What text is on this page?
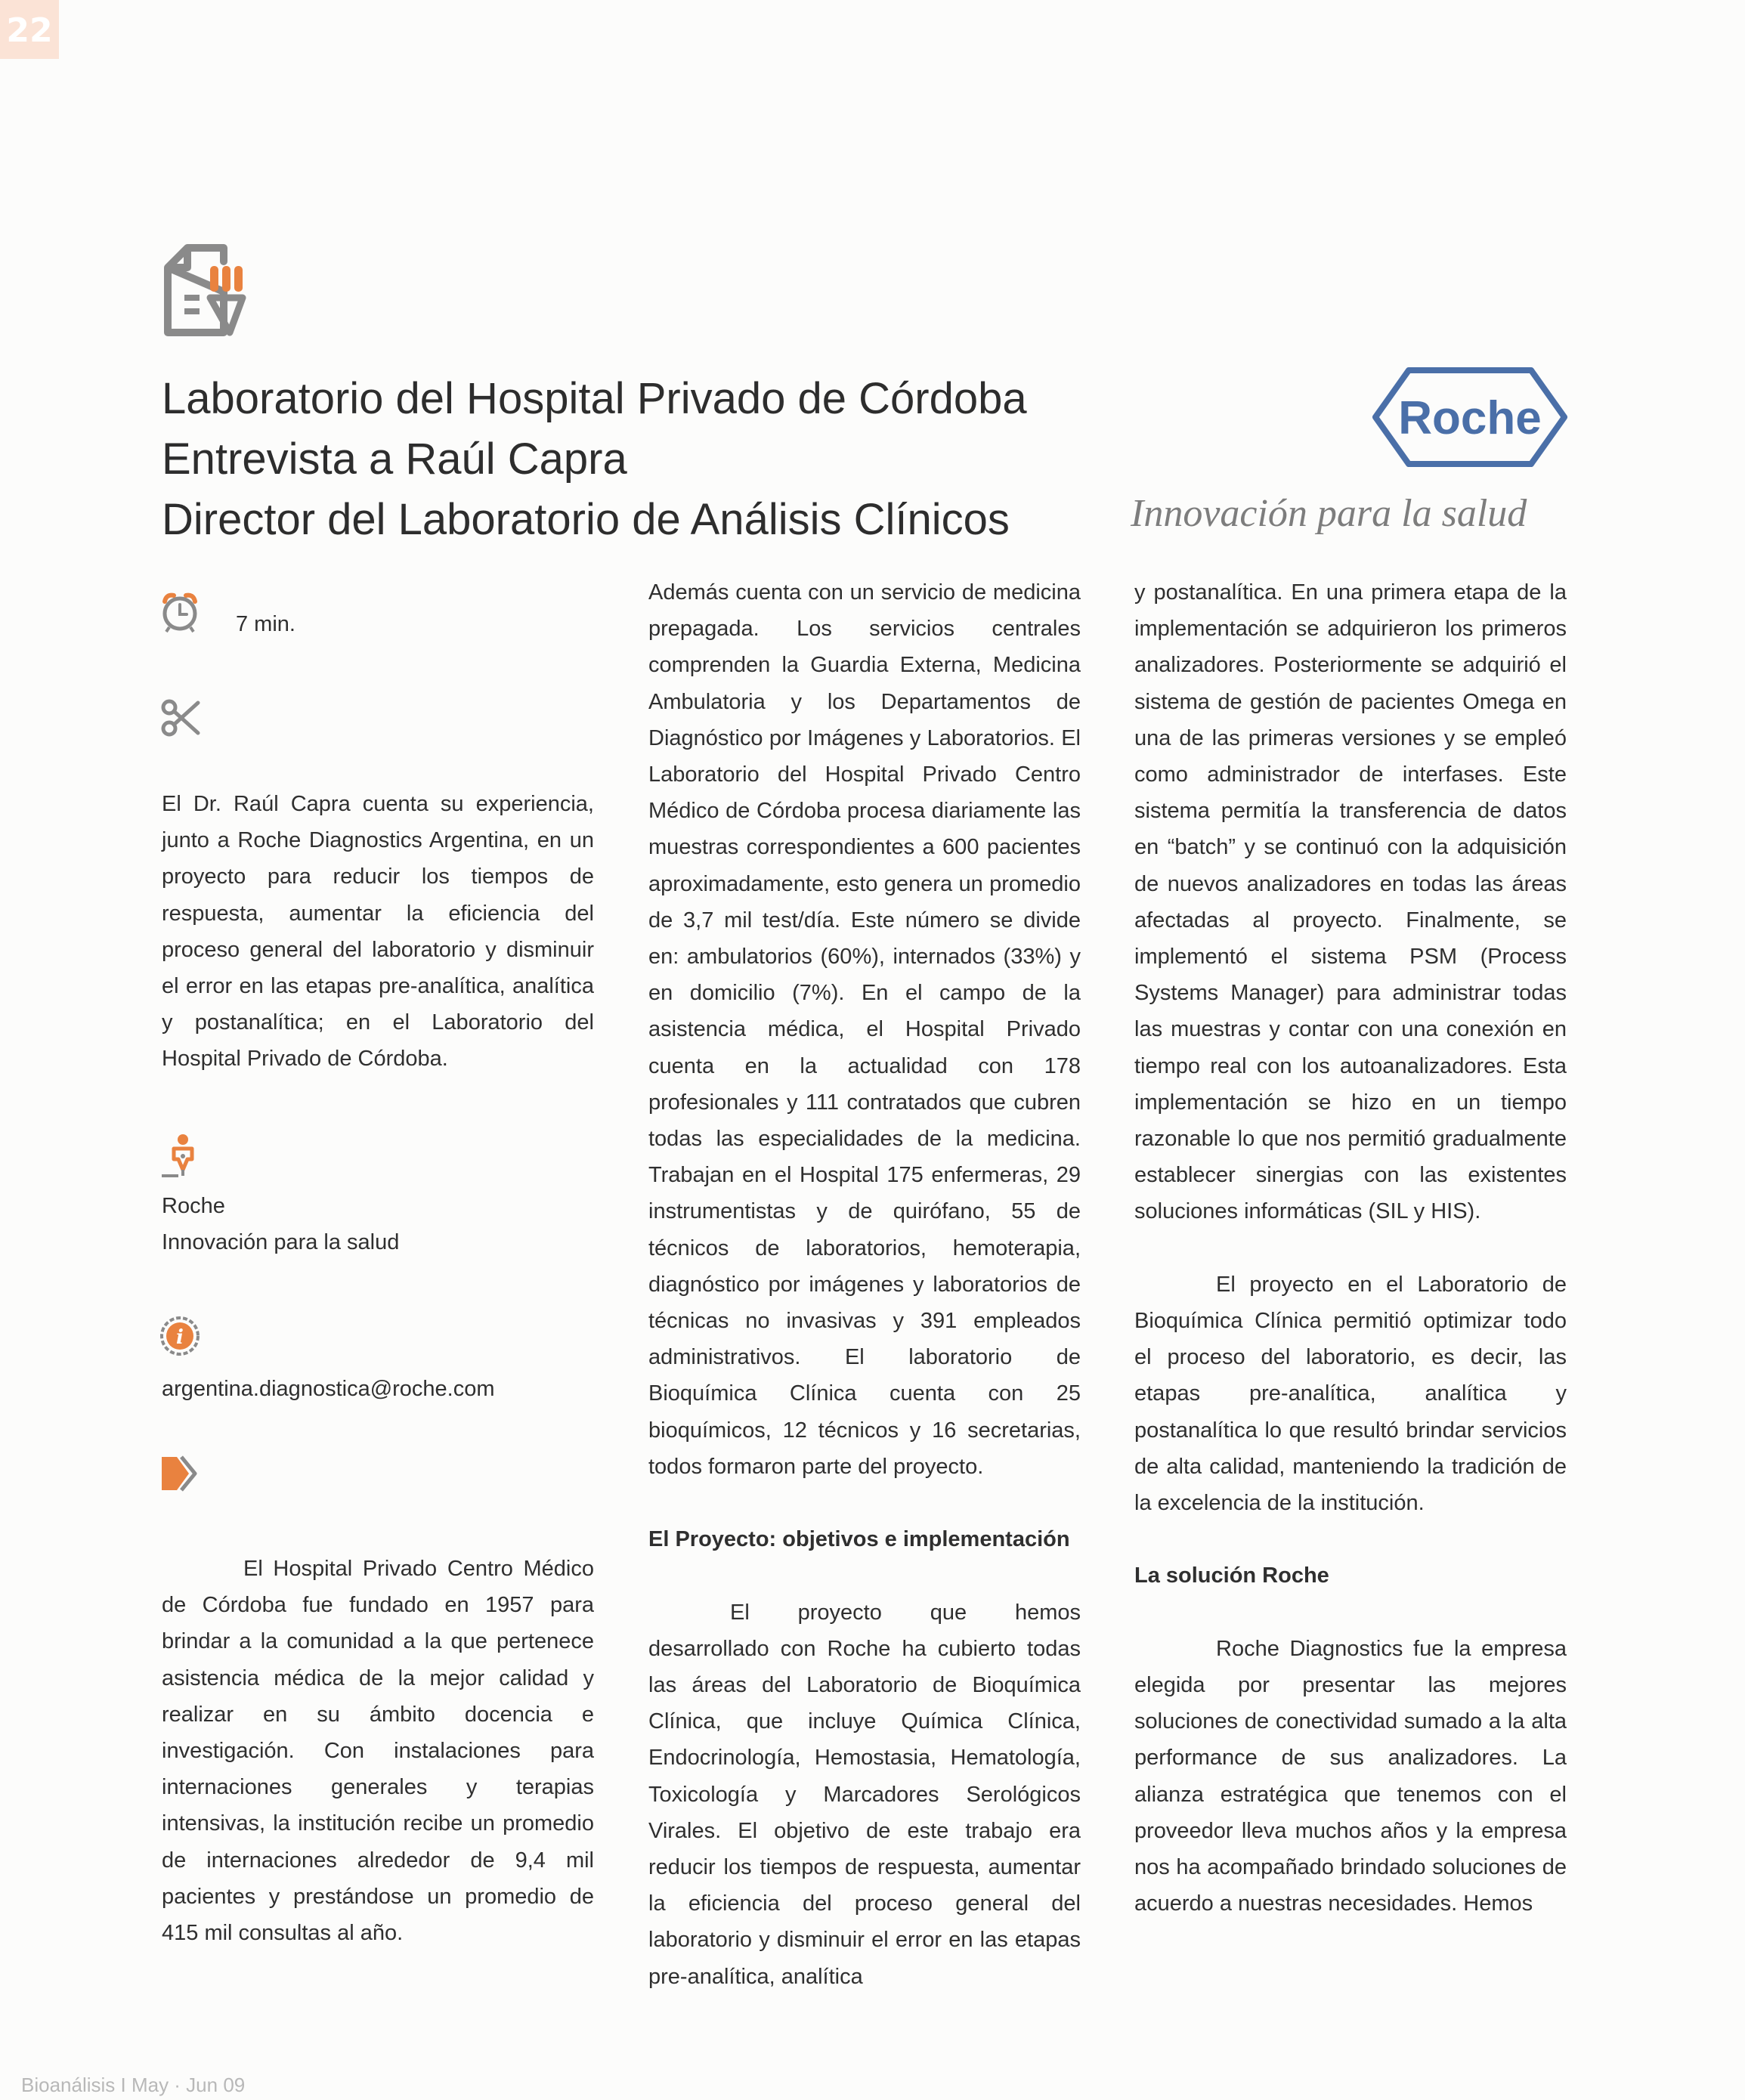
22
Laboratorio del Hospital Privado de Córdoba
Entrevista a Raúl Capra
Director del Laboratorio de Análisis Clínicos
Roche
Innovación para la salud
7 min.

El Dr. Raúl Capra cuenta su experiencia, junto a Roche Diagnostics Argentina, en un proyecto para reducir los tiempos de respuesta, aumentar la eficiencia del proceso general del laboratorio y disminuir el error en las etapas pre-analítica, analítica y postanalítica; en el Laboratorio del Hospital Privado de Córdoba.

Roche
Innovación para la salud
i
argentina.diagnostica@roche.com

El Hospital Privado Centro Médico de Córdoba fue fundado en 1957 para brindar a la comunidad a la que pertenece asistencia médica de la mejor calidad y realizar en su ámbito docencia e investigación. Con instalaciones para internaciones generales y terapias intensivas, la institución recibe un promedio de internaciones alrededor de 9,4 mil pacientes y prestándose un promedio de 415 mil consultas al año.

Además cuenta con un servicio de medicina prepagada. Los servicios centrales comprenden la Guardia Externa, Medicina Ambulatoria y los Departamentos de Diagnóstico por Imágenes y Laboratorios. El Laboratorio del Hospital Privado Centro Médico de Córdoba procesa diariamente las muestras correspondientes a 600 pacientes aproximadamente, esto genera un promedio de 3,7 mil test/día. Este número se divide en: ambulatorios (60%), internados (33%) y en domicilio (7%). En el campo de la asistencia médica, el Hospital Privado cuenta en la actualidad con 178 profesionales y 111 contratados que cubren todas las especialidades de la medicina. Trabajan en el Hospital 175 enfermeras, 29 instrumentistas y de quirófano, 55 de técnicos de laboratorios, hemoterapia, diagnóstico por imágenes y laboratorios de técnicas no invasivas y 391 empleados administrativos. El laboratorio de Bioquímica Clínica cuenta con 25 bioquímicos, 12 técnicos y 16 secretarias, todos formaron parte del proyecto.

El Proyecto: objetivos e implementación

El proyecto que hemos desarrollado con Roche ha cubierto todas las áreas del Laboratorio de Bioquímica Clínica, que incluye Química Clínica, Endocrinología, Hemostasia, Hematología, Toxicología y Marcadores Serológicos Virales. El objetivo de este trabajo era reducir los tiempos de respuesta, aumentar la eficiencia del proceso general del laboratorio y disminuir el error en las etapas pre-analítica, analítica

y postanalítica. En una primera etapa de la implementación se adquirieron los primeros analizadores. Posteriormente se adquirió el sistema de gestión de pacientes Omega en una de las primeras versiones y se empleó como administrador de interfases. Este sistema permitía la transferencia de datos en “batch” y se continuó con la adquisición de nuevos analizadores en todas las áreas afectadas al proyecto. Finalmente, se implementó el sistema PSM (Process Systems Manager) para administrar todas las muestras y contar con una conexión en tiempo real con los autoanalizadores. Esta implementación se hizo en un tiempo razonable lo que nos permitió gradualmente establecer sinergias con las existentes soluciones informáticas (SIL y HIS).

El proyecto en el Laboratorio de Bioquímica Clínica permitió optimizar todo el proceso del laboratorio, es decir, las etapas pre-analítica, analítica y postanalítica lo que resultó brindar servicios de alta calidad, manteniendo la tradición de la excelencia de la institución.

La solución Roche

Roche Diagnostics fue la empresa elegida por presentar las mejores soluciones de conectividad sumado a la alta performance de sus analizadores. La alianza estratégica que tenemos con el proveedor lleva muchos años y la empresa nos ha acompañado brindado soluciones de acuerdo a nuestras necesidades. Hemos

Bioanálisis I May · Jun 09
